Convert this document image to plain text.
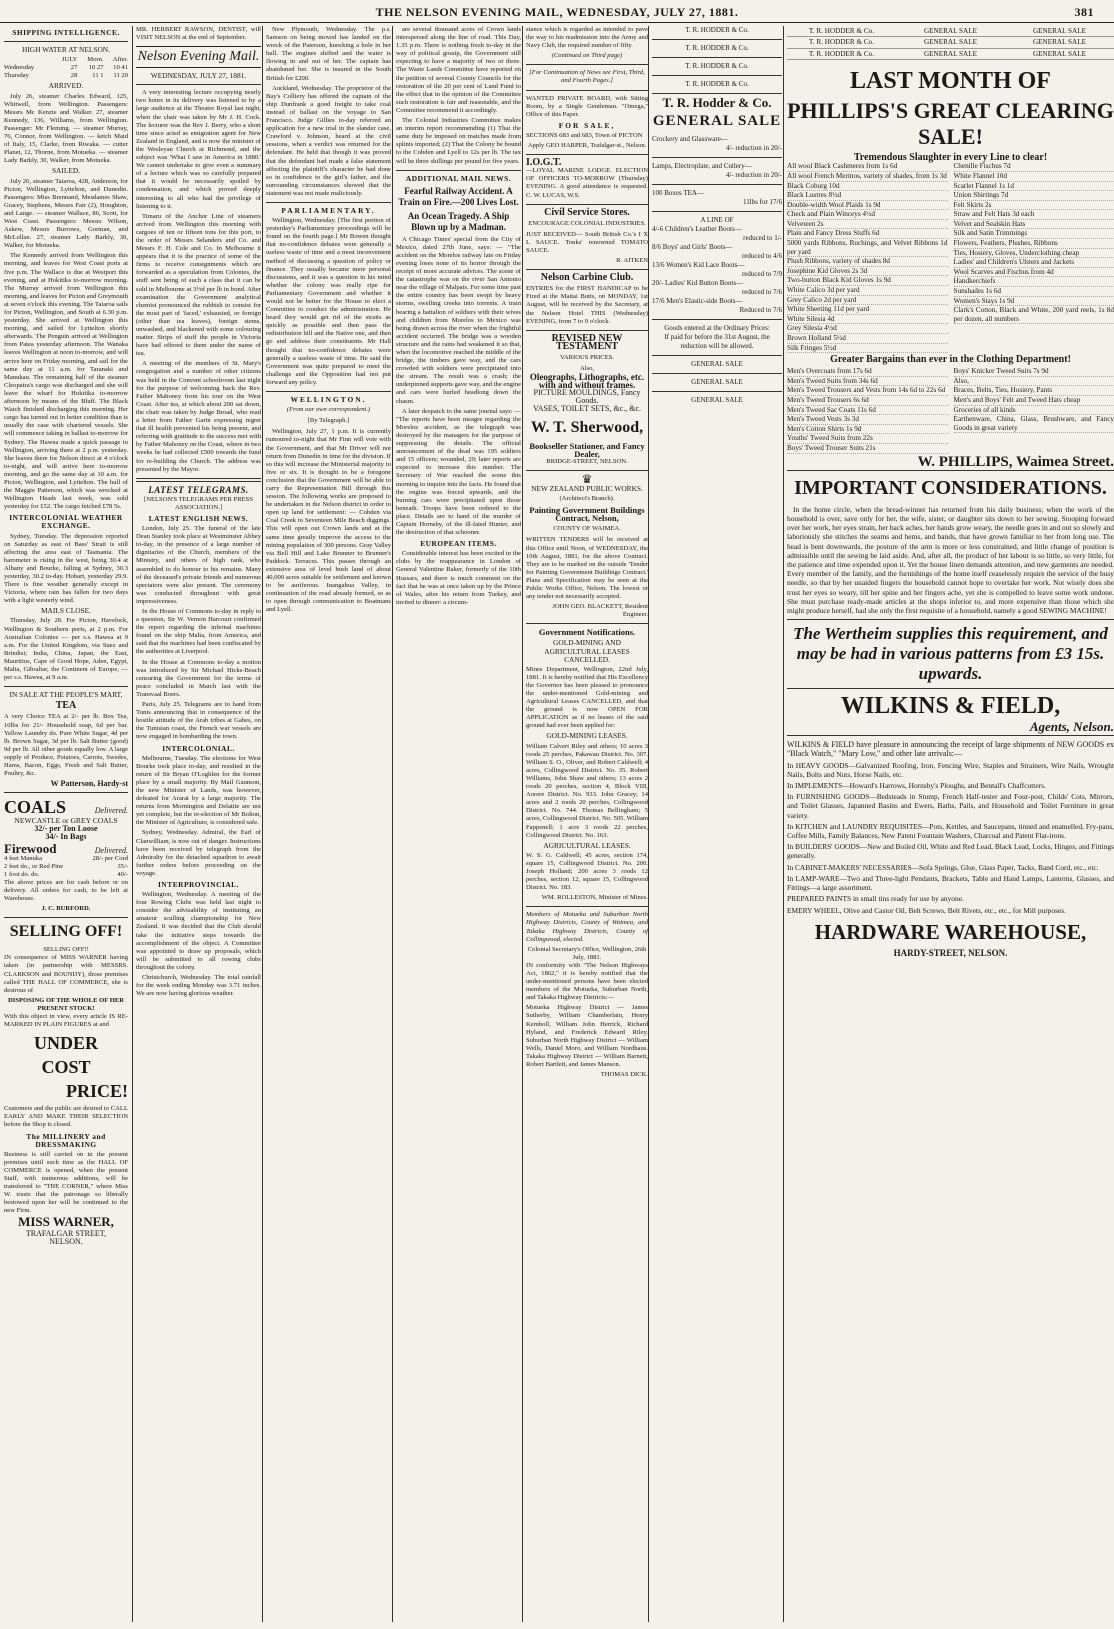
THE NELSON EVENING MAIL, WEDNESDAY, JULY 27, 1881.	381
SHIPPING INTELLIGENCE.
HIGH WATER AT NELSON.
	JULY	Morn.	After.
Wednesday	27	10 27	10 41
Thursday	28	11 1	11 20
ARRIVED.

July 26, steamer Charles Edward, 125, Whitwell, from Wellington. Passengers: Messrs Mc Kenzie and Walker. 27, steamer Kennedy, 136, Williams, from Wellington. Passenger: Mr Fleming. — steamer Murray, 76, Connor, from Wellington. — ketch Maid of Italy, 15, Clarke, from Riwaka. — cutter Planet, 12, Thorne, from Motueka. — steamer Lady Barkly, 30, Walker, from Motueka.

SAILED.

July 26, steamer Taiaroa, 428, Anderson, for Picton, Wellington, Lyttelton, and Dunedin. Passengers: Miss Brennand, Mesdames Shaw, Gracey, Stephens, Messrs Fair (2), Houghton, and Lange. — steamer Wallace, 86, Scott, for West Coast. Passengers: Messrs Wilson, Askew, Messrs Burrows, Gorman, and McLellan. 27, steamer Lady Barkly, 30, Walker, for Motueka.

The Kennedy arrived from Wellington this morning, and leaves for West Coast ports at five p.m. The Wallace is due at Westport this evening, and at Hokitika to-morrow morning. The Murray arrived from Wellington this morning, and leaves for Picton and Greymouth at seven o'clock this evening. The Taiaroa sails for Picton, Wellington, and South at 6.30 p.m. yesterday. She arrived at Wellington this morning, and sailed for Lyttelton shortly afterwards. The Penguin arrived at Wellington from Patea yesterday afternoon. The Wanaka leaves Wellington at noon to-morrow, and will arrive here on Friday morning, and sail for the same day at 11 a.m. for Taranaki and Manukau. The remaining half of the steamer Cleopatra's cargo was discharged and she will leave the wharf for Hokitika to-morrow afternoon by means of the Bluff. The Black Watch finished discharging this morning. Her cargo has turned out in better condition than is usually the case with chartered vessels. She will commence taking in ballast to-morrow for Sydney. The Hawea made a quick passage to Wellington, arriving there at 2 p.m. yesterday. She leaves there for Nelson direct at 4 o'clock to-night, and will arrive here to-morrow morning, and go the same day at 10 a.m. for Picton, Wellington, and Lyttelton. The hull of the Maggie Patterson, which was wrecked at Wellington Heads last week, was sold yesterday for £52. The cargo fetched £78 5s.

INTERCOLONIAL WEATHER EXCHANGE.

Sydney, Tuesday. The depression reported on Saturday as east of Bass' Strait is still affecting the area east of Tasmania. The barometer is rising in the west, being 30.4 at Albany and Bourke, falling at Sydney, 30.3 yesterday, 30.2 to-day. Hobart, yesterday 29.9. There is fine weather generally except in Victoria, where rain has fallen for two days with a light westerly wind.

MAILS CLOSE.

Thursday, July 28. For Picton, Havelock, Wellington & Southern ports, at 2 p.m. For Australian Colonies — per s.s. Hawea at 9 a.m. For the United Kingdom, via Suez and Brindisi; India, China, Japan, the East, Mauritius, Cape of Good Hope, Aden, Egypt, Malta, Gibraltar, the Continent of Europe, — per s.s. Hawea, at 9 a.m.

IN SALE AT THE PEOPLE'S MART,
TEA

A very Choice TEA at 2/- per lb. Box Tea, 10lbs for 21/- Household soap, 6d per bar. Yellow Laundry do. Pure White Sugar, 4d per lb. Brown Sugar, 3d per lb. Salt Butter (good) 9d per lb. All other goods equally low. A large supply of Produce, Potatoes, Carrots, Swedes, Hams, Bacon, Eggs, Fresh and Salt Butter, Poultry, &c.

W Patterson, Hardy-st
COALS	Delivered.
NEWCASTLE or GREY COALS
32/- per Ton Loose
34/- In Bags
Firewood	Delivered.
4 feet Manuka	28/- per Cord
2 feet do., or Red Pine	35/-
1 foot do. do.	40/-

The above prices are for cash before or on delivery. All orders for cash, to be left at Warehouse.

J. C. BURFORD.
SELLING OFF!
SELLING OFF!!

IN consequence of MISS WARNER having taken (in partnership with MESSRS. CLARKSON and BOUNDY), those premises called THE HALL OF COMMERCE, she is desirous of

DISPOSING OF THE WHOLE OF HER PRESENT STOCK!

With this object in view, every article IS RE-MARKED IN PLAIN FIGURES at and

UNDER
COST
PRICE!

Customers and the public are desired to CALL EARLY AND MAKE THEIR SELECTION before the Shop is closed.

The MILLINERY and DRESSMAKING

Business is still carried on in the present premises until such time as the HALL OF COMMERCE is opened, when the present Staff, with numerous additions, will be transferred to "THE CORNER," where Miss W. trusts that the patronage so liberally bestowed upon her will be continued to the new Firm.

MISS WARNER,
TRAFALGAR STREET,
NELSON.

MR. HERBERT RAWSON, DENTIST, will VISIT NELSON at the end of September.

Nelson Evening Mail.
WEDNESDAY, JULY 27, 1881.

A very interesting lecture occupying nearly two hours in its delivery was listened to by a large audience at the Theatre Royal last night, when the chair was taken by Mr J. H. Cock. The lecturer was the Rev J. Berry, who a short time since acted as emigration agent for New Zealand in England, and is now the minister of the Wesleyan Church at Richmond, and the subject was 'What I saw in America in 1880.' We cannot undertake to give even a summary of a lecture which was so carefully prepared that it would be necessarily spoiled by condensation, and which proved deeply interesting to all who had the privilege of listening to it.

Timaru of the Anchor Line of steamers arrived from Wellington this morning with cargoes of ten or fifteen tons for this port, to the order of Messrs Selanders and Co. and Messrs F. H. Cole and Co. In Melbourne it appears that it is the practice of some of the firms to receive consignments which are forwarded as a speculation from Colonies, the stuff sent being of such a class that it can be sold in Melbourne at 3½d per lb in bond. After examination the Government analytical chemist pronounced the rubbish to consist for the most part of 'faced,' exhausted, or foreign (other than tea leaves), foreign stems, unwashed, and blackened with some colouring matter. Strips of stuff the people in Victoria have had offered to them under the name of tea.

A meeting of the members of St. Mary's congregation and a number of other citizens was held in the Convent schoolroom last night for the purpose of welcoming back the Rev. Father Mahoney from his tour on the West Coast. After tea, at which about 200 sat down, the chair was taken by Judge Broad, who read a letter from Father Garin expressing regret that ill health prevented his being present, and referring with gratitude to the success met with by Father Mahoney on the Coast, where in two weeks he had collected £500 towards the fund for re-building the Church. The address was presented by the Mayor.

LATEST TELEGRAMS.
[NELSON'S TELEGRAMS PER PRESS ASSOCIATION.]
LATEST ENGLISH NEWS.

London, July 25. The funeral of the late Dean Stanley took place at Westminster Abbey to-day, in the presence of a large number of dignitaries of the Church, members of the Ministry, and others of high rank, who assembled to do honour to his remains. Many of the deceased's private friends and numerous spectators were also present. The ceremony was conducted throughout with great impressiveness.

In the House of Commons to-day in reply to a question, Sir W. Vernon Harcourt confirmed the report regarding the infernal machines found on the ship Malta, from America, and said that the machines had been confiscated by the authorities at Liverpool.

In the House at Commons to-day a motion was introduced by Sir Michael Hicks-Beach censuring the Government for the terms of peace concluded in March last with the Transvaal Boers.

Paris, July 25. Telegrams are to hand from Tunis announcing that in consequence of the hostile attitude of the Arab tribes at Gabes, on the Tunisian coast, the French war vessels are now engaged in bombarding the town.

INTERCOLONIAL.

Melbourne, Tuesday. The elections for West Bourke took place to-day, and resulted in the return of Sir Bryan O'Loghlen for the former place by a small majority. By Mail Gaunson, the new Minister of Lands, was however, defeated for Ararat by a large majority. The returns from Mornington and Delatite are not yet complete, but the re-election of Mr Bolton, the Minister of Agriculture, is considered safe.

Sydney, Wednesday. Admiral, the Earl of Clanwilliam, is now out of danger. Instructions have been received by telegraph from the Admiralty for the detached squadron to await further orders before proceeding on the voyage.

INTERPROVINCIAL.

Wellington, Wednesday. A meeting of the four Rowing Clubs was held last night to consider the advisability of instituting an amateur sculling championship for New Zealand. It was decided that the Club should take the initiative steps towards the accomplishment of the object. A Committee was appointed to draw up proposals, which will be submitted to all rowing clubs throughout the colony.

Christchurch, Wednesday. The total rainfall for the week ending Monday was 3.71 inches. We are now having glorious weather.

New Plymouth, Wednesday. The p.s. Samson on being moved has landed on the wreck of the Paterson, knocking a hole in her hull. The engines shifted and the water is flowing in and out of her. The captain has abandoned her. She is insured in the South British for £200.

Auckland, Wednesday. The proprietor of the Bay's Colliery has offered the captain of the ship Dunfrank a good freight to take coal instead of ballast on the voyage to San Francisco. Judge Gillies to-day referred an application for a new trial in the slander case, Crawford v. Johnson, heard at the civil sessions, when a verdict was returned for the defendant. He held that though it was proved that the defendant had made a false statement affecting the plaintiff's character he had done so in confidence to the girl's father, and the surrounding circumstances showed that the statement was not made maliciously.

PARLIAMENTARY.

Wellington, Wednesday. [The first portion of yesterday's Parliamentary proceedings will be found on the fourth page.] Mr Bowen thought that no-confidence debates were generally a useless waste of time and a most inconvenient method of discussing a question of policy or finance. They usually became mere personal discussions, and it was a question in his mind whether the colony was really ripe for Parliamentary Government and whether it would not be better for the House to elect a Committee to conduct the administration. He heard they would get rid of the straits as quickly as possible and then pass the redistribution bill and the Native one, and then go and address their constituents. Mr Hall thought that no-confidence debates were generally a useless waste of time. He said the Government was quite prepared to meet the challenge and the Opposition had not put forward any policy.

WELLINGTON.
(From our own correspondent.)
[By Telegraph.]

Wellington, July 27, 1 p.m. It is currently rumoured to-night that Mr Finn will vote with the Government, and that Mr Driver will not return from Dunedin in time for the division. If so this will increase the Ministerial majority to five or six. It is thought to be a foregone conclusion that the Government will be able to carry the Representation Bill through this session. The following works are proposed to be undertaken in the Nelson district in order to open up land for settlement: — Cobden via Coal Creek to Seventeen Mile Beach diggings. This will open out Crown lands and at the same time greatly improve the access to the mining population of 300 persons. Gray Valley via Bell Hill and Lake Brunner to Brunner's Paddock. Terraces. This passes through an extensive area of level bush land of about 40,000 acres suitable for settlement and known to be auriferous. Inangahua Valley, in continuation of the road already formed, so as to open through communication to Boatmans and Lyell.

are several thousand acres of Crown lands interspersed along the line of road. This Day, 1.35 p.m. There is nothing fresh to-day in the way of political gossip, the Government still expecting to have a majority of two or three. The Waste Lands Committee have reported on the petition of several County Councils for the restoration of the 20 per cent of Land Fund to the effect that in the opinion of the Committee such restoration is fair and reasonable, and the Committee recommend it accordingly.

The Colonial Industries Committee makes an interim report recommending (1) That the same duty be imposed on matches made from splints imported; (2) That the Colony be bound to the Cobden and Lyell to 12s per lb. The tax will be three shillings per pound for five years.

ADDITIONAL MAIL NEWS.
Fearful Railway Accident. A Train on Fire.—200 Lives Lost.
An Ocean Tragedy. A Ship Blown up by a Madman.

A Chicago Times' special from the City of Mexico, dated 27th June, says: — "The accident on the Morelos railway late on Friday evening loses none of its horror through the receipt of more accurate advices. The scene of the catastrophe was on the river San Antonio near the village of Malpais. For some time past the entire country has been swept by heavy storms, swelling creeks into torrents. A train bearing a battalion of soldiers with their wives and children from Morelos to Mexico was being drawn across the river when the frightful accident occurred. The bridge was a wooden structure and the rains had weakened it so that, when the locomotive reached the middle of the bridge, the timbers gave way, and the cars crowded with soldiers were precipitated into the stream. The result was a crash; the underpinned supports gave way, and the engine and cars were hurled headlong down the chasm.

A later despatch to the same journal says: — "The reports have been meagre regarding the Morelos accident, as the telegraph was destroyed by the managers for the purpose of suppressing the details. The official announcement of the dead was 195 soldiers and 15 officers; wounded, 29; later reports are expected to increase this number. The Secretary of War reached the scene this morning to inquire into the facts. He found that the engine was forced upwards, and the burning cars were precipitated upon those beneath. Troops have been ordered to the place. Details are to hand of the murder of Captain Hornsby, of the ill-fated Hunter, and the destruction of that schooner.

EUROPEAN ITEMS.

Considerable interest has been excited in the clubs by the reappearance in London of General Valentine Baker, formerly of the 10th Hussars, and there is much comment on the fact that he was at once taken up by the Prince of Wales, after his return from Turkey, and invited to dinner: a circum-

stance which is regarded as intended to pave the way to his readmission into the Army and Navy Club, the required number of fifty

(Continued on Third page)
[For Continuation of News see First, Third, and Fourth Pages.]

WANTED PRIVATE BOARD, with Sitting Room, by a Single Gentleman. "Omega," Office of this Paper.

FOR SALE,

SECTIONS 683 and 683, Town of PICTON

Apply GEO HARPER, Trafalgar-st., Nelson.
I.O.G.T.

—LOYAL MARINE LODGE. ELECTION OF OFFICERS TO-MORROW (Thursday) EVENING. A good attendance is requested. C. W. LUCAS, W.S.

Civil Service Stores.
ENCOURAGE COLONIAL INDUSTRIES.

JUST RECEIVED— South British Co.'s I X L SAUCE. Tonks' renowned TOMATO SAUCE.

R. AITKEN
Nelson Carbine Club.

ENTRIES for the FIRST HANDICAP to be Fired at the Maitai Butts, on MONDAY, 1st August, will be received by the Secretary, at the Nelson Hotel THIS (Wednesday) EVENING, from 7 to 9 o'clock.

REVISED NEW TESTAMENT
VARIOUS PRICES.
Also,
Oleographs, Lithographs, etc. with and without frames.
PICTURE MOULDINGS, Fancy Goods.
VASES, TOILET SETS, &c., &c.
W. T. Sherwood,
Bookseller Stationer, and Fancy Dealer,
BRIDGE-STREET, NELSON.
♛
NEW ZEALAND PUBLIC WORKS.
(Architect's Branch).
Painting Government Buildings Contract, Nelson,
COUNTY OF WAIMEA.

WRITTEN TENDERS will be received at this Office until Noon, of WEDNESDAY, the 10th August, 1881, for the above Contract. They are to be marked on the outside 'Tender for Painting Government Buildings Contract.' Plans and Specification may be seen at the Public Works Office, Nelson. The lowest or any tender not necessarily accepted.

JOHN GEO. BLACKETT, Resident Engineer.
Government Notifications.
GOLD-MINING AND AGRICULTURAL LEASES CANCELLED.

Mines Department, Wellington, 22nd July, 1881. It is hereby notified that His Excellency the Governor has been pleased to pronounce the under-mentioned Gold-mining and Agricultural Leases CANCELLED, and that the ground is now OPEN FOR APPLICATION as if no leases of the said ground had ever been applied for:

GOLD-MINING LEASES.

William Calvert Riley and others; 10 acres 3 roods 25 perches, Pakawau District. No. 307. William S. O., Oliver, and Robert Caldwell; 4 acres, Collingwood District. No. 35. Robert Williams, John Shaw and others; 13 acres 2 roods 20 perches, section 4, Block VIII, Aorere District. No. 933. John Gracey; 14 acres and 2 roods 20 perches, Collingwood District. No. 744. Thomas Bellingham; 5 acres, Collingwood District. No. 505. William Fappenell; 1 acre 3 roods 22 perches, Collingwood District. No. 163.

AGRICULTURAL LEASES.

W. S. G. Caldwell; 45 acres, section 174, square 15, Collingwood District. No. 200. Joseph Holland; 200 acres 3 roods 12 perches, section 12, square 15, Collingwood District. No. 183.

WM. ROLLESTON, Minister of Mines.

Members of Motueka and Suburban North Highway Districts, County of Waimea, and Takaka Highway Districts, County of Collingwood, elected.

Colonial Secretary's Office, Wellington, 26th July, 1881.

IN conformity with "The Nelson Highways Act, 1862," it is hereby notified that the under-mentioned persons have been elected members of the Motueka, Suburban North, and Takaka Highway Districts:—

Motueka Highway District — James Sutherby, William Chamberlain, Henry Kemboll, William John Herrick, Richard Hyland, and Frederick Edward Riley. Suburban North Highway District — William Wells, Daniel Moro, and William Nordhaus. Takaka Highway District — William Barnett, Robert Bartlett, and James Manson.

THOMAS DICK.
T. R. HODDER & Co.
T. R. HODDER & Co.
T. R. HODDER & Co.
T. R. HODDER & Co.
T. R. Hodder & Co.
GENERAL SALE
Crockery and Glassware—
4/- reduction in 20/-
Lamps, Electroplate, and Cutlery—
4/- reduction in 20/-
100 Boxes TEA—
11lbs for 17/6
A LINE OF
4/-6 Children's Leather Boots—
reduced to 1/-
8/6 Boys' and Girls' Boots—
reduced to 4/6
13/6 Women's Kid Lace Boots—
reduced to 7/9
20/- Ladies' Kid Button Boots—
reduced to 7/6
17/6 Men's Elastic-side Boots—
Reduced to 7/6
Goods entered at the Ordinary Prices:
If paid for before the 31st August, the reduction will be allowed.
GENERAL SALE
GENERAL SALE
GENERAL SALE
T. R. HODDER & Co.	GENERAL SALE	GENERAL SALE
T. R. HODDER & Co.	GENERAL SALE	GENERAL SALE
T. R. HODDER & Co.	GENERAL SALE	GENERAL SALE
LAST MONTH OF
PHILLIPS'S GREAT CLEARING SALE!
Tremendous Slaughter in every Line to clear!
All wool Black Cashmeres from 1s 6d
All wool French Merinos, variety of shades, from 1s 3d
Black Coburg 10d
Black Lustres 8½d
Double-width Wool Plaids 1s 9d
Check and Plain Winceys 4½d
Velveteen 2s
Plain and Fancy Dress Stuffs 6d
5000 yards Ribbons, Ruchings, and Velvet Ribbons 1d per yard
Plush Ribbons, variety of shades 8d
Josephine Kid Gloves 2s 3d
Two-button Black Kid Gloves 1s 9d
White Calico 3d per yard
Grey Calico 2d per yard
White Sheeting 11d per yard
White Silesia 4d
Grey Silesia 4½d
Brown Holland 5½d
Silk Fringes 5½d
Chenille Fischus 7d
White Flannel 10d
Scarlet Flannel 1s 1d
Union Shirtings 7d
Felt Skirts 2s
Straw and Felt Hats 3d each
Velvet and Sealskin Hats
Silk and Satin Trimmings
Flowers, Feathers, Plushes, Ribbons
Ties, Hosiery, Gloves, Underclothing cheap
Ladies' and Children's Ulsters and Jackets
Wool Scarves and Fischus from 4d
Handkerchiefs
Sunshades 1s 6d
Women's Stays 1s 9d
Clark's Cotton, Black and White, 200 yard reels, 1s 8d per dozen, all numbers
Greater Bargains than ever in the Clothing Department!
Men's Overcoats from 17s 6d
Men's Tweed Suits from 34s 6d
Men's Tweed Trousers and Vests from 14s 6d to 22s 6d
Men's Tweed Trousers 6s 6d
Men's Tweed Sac Coats 11s 6d
Men's Tweed Vests 3s 3d
Men's Cotton Shirts 1s 9d
Youths' Tweed Suits from 22s
Boys' Tweed Trouser Suits 21s
Boys' Knicker Tweed Suits 7s 9d
Also,
Braces, Belts, Ties, Hosiery, Pants
Men's and Boys' Felt and Tweed Hats cheap
Groceries of all kinds
Earthenware, China, Glass, Brushware, and Fancy Goods in great variety
W. PHILLIPS, Waimea Street.
IMPORTANT CONSIDERATIONS.

In the home circle, when the bread-winner has returned from his daily business; when the work of the household is over, save only for her, the wife, sister, or daughter sits down to her sewing. Stooping forward over her work, her eyes strain, her back aches, her hands grow weary, the needle goes in and out so slowly and laboriously she stitches the seams and hems, and bands, that have grown familiar to her from long use. The head is bent downwards, the posture of the arm is more or less constrained, and little change of position is admissible until the sewing be laid aside. And, after all, the product of her labour is so little, so very little, for the patience and time expended upon it. Yet the house linen demands attention, and new garments are needed. Every member of the family, and the furnishings of the home itself ceaselessly require the service of the busy needle, so that by her unaided fingers the household cannot hope to overtake her work. Not wisely does she trust her eyes so weary, till her spine and her fingers ache, yet she is compelled to leave some work undone. She must purchase ready-made articles at the shops inferior to, and more expensive than those which she might produce herself, had she only the first requisite of a household, namely a good SEWING MACHINE!

The Wertheim supplies this requirement, and may be had in various patterns from £3 15s. upwards.
WILKINS & FIELD,
Agents, Nelson.

WILKINS & FIELD have pleasure in announcing the receipt of large shipments of NEW GOODS ex "Black Watch," "Mary Low," and other late arrivals:—

In HEAVY GOODS—Galvanized Roofing, Iron, Fencing Wire, Staples and Strainers, Wire Nails, Wrought Nails, Bolts and Nuts, Horse Nails, etc.

In IMPLEMENTS—Howard's Harrows, Hornsby's Ploughs, and Bentall's Chaffcutters.

In FURNISHING GOODS—Bedsteads in Stump, French Half-tester and Four-post, Childs' Cots, Mirrors, and Toilet Glasses, Japanned Basins and Ewers, Baths, Pails, and Household and Toilet Furniture in great variety.

In KITCHEN and LAUNDRY REQUISITES—Pots, Kettles, and Saucepans, tinned and enamelled, Fry-pans, Coffee Mills, Family Balances, New Patent Fountain Washers, Charcoal and Patent Flat-irons.

In BUILDERS' GOODS—New and Boiled Oil, White and Red Lead, Black Lead, Locks, Hinges, and Fittings generally.

In CABINET-MAKERS' NECESSARIES—Sofa Springs, Glue, Glass Paper, Tacks, Band Cord, etc., etc.

In LAMP-WARE—Two and Three-light Pendants, Brackets, Table and Hand Lamps, Lanterns, Glasses, and Fittings—a large assortment.

PREPARED PAINTS in small tins ready for use by anyone.

EMERY WHEEL, Olive and Castor Oil, Belt Screws, Belt Rivets, etc., etc., for Mill purposes.

HARDWARE WAREHOUSE,
HARDY-STREET, NELSON.
